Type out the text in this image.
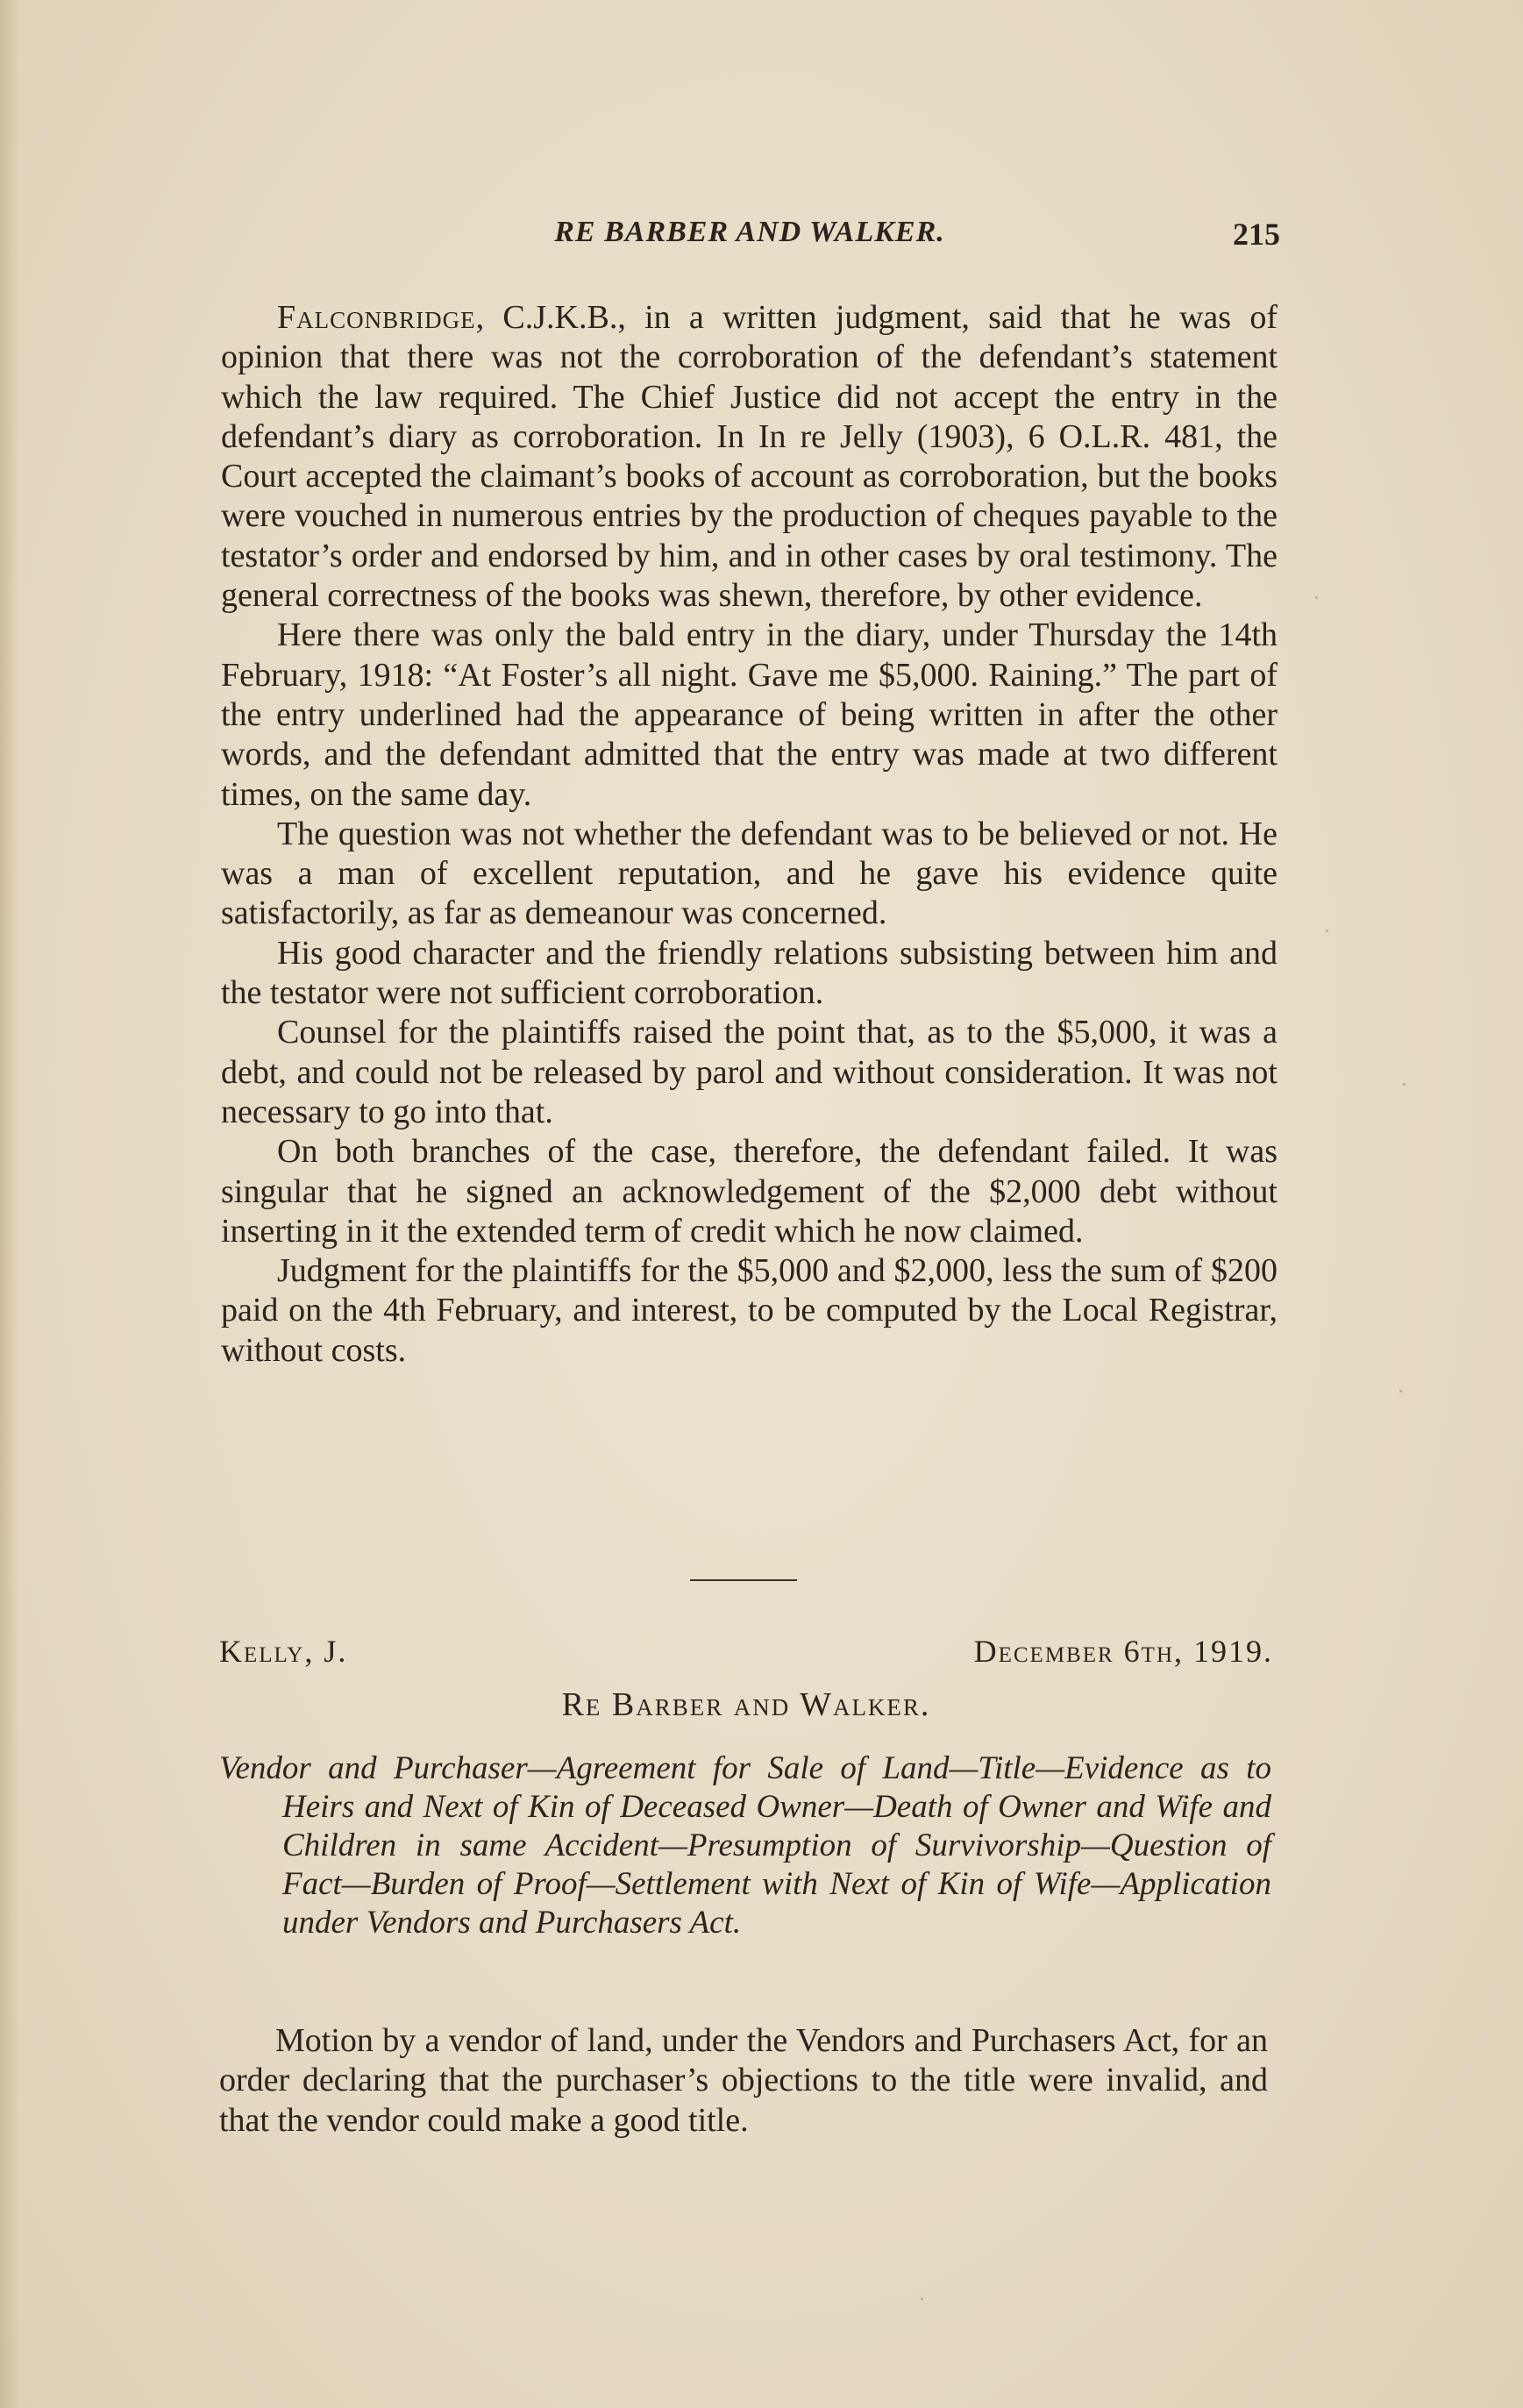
RE BARBER AND WALKER.	215

Falconbridge, C.J.K.B., in a written judgment, said that he was of opinion that there was not the corroboration of the defendant’s statement which the law required. The Chief Justice did not accept the entry in the defendant’s diary as corroboration. In In re Jelly (1903), 6 O.L.R. 481, the Court accepted the claimant’s books of account as corroboration, but the books were vouched in numerous entries by the production of cheques payable to the testator’s order and endorsed by him, and in other cases by oral testimony. The general correctness of the books was shewn, therefore, by other evidence.

Here there was only the bald entry in the diary, under Thursday the 14th February, 1918: “At Foster’s all night. Gave me $5,000. Raining.” The part of the entry underlined had the appearance of being written in after the other words, and the defendant admitted that the entry was made at two different times, on the same day.

The question was not whether the defendant was to be believed or not. He was a man of excellent reputation, and he gave his evidence quite satisfactorily, as far as demeanour was concerned.

His good character and the friendly relations subsisting between him and the testator were not sufficient corroboration.

Counsel for the plaintiffs raised the point that, as to the $5,000, it was a debt, and could not be released by parol and without consideration. It was not necessary to go into that.

On both branches of the case, therefore, the defendant failed. It was singular that he signed an acknowledgement of the $2,000 debt without inserting in it the extended term of credit which he now claimed.

Judgment for the plaintiffs for the $5,000 and $2,000, less the sum of $200 paid on the 4th February, and interest, to be computed by the Local Registrar, without costs.

Kelly, J.	December 6th, 1919.
Re Barber and Walker.
Vendor and Purchaser—Agreement for Sale of Land—Title—Evidence as to Heirs and Next of Kin of Deceased Owner—Death of Owner and Wife and Children in same Accident—Presumption of Survivorship—Question of Fact—Burden of Proof—Settlement with Next of Kin of Wife—Application under Vendors and Purchasers Act.

Motion by a vendor of land, under the Vendors and Purchasers Act, for an order declaring that the purchaser’s objections to the title were invalid, and that the vendor could make a good title.
